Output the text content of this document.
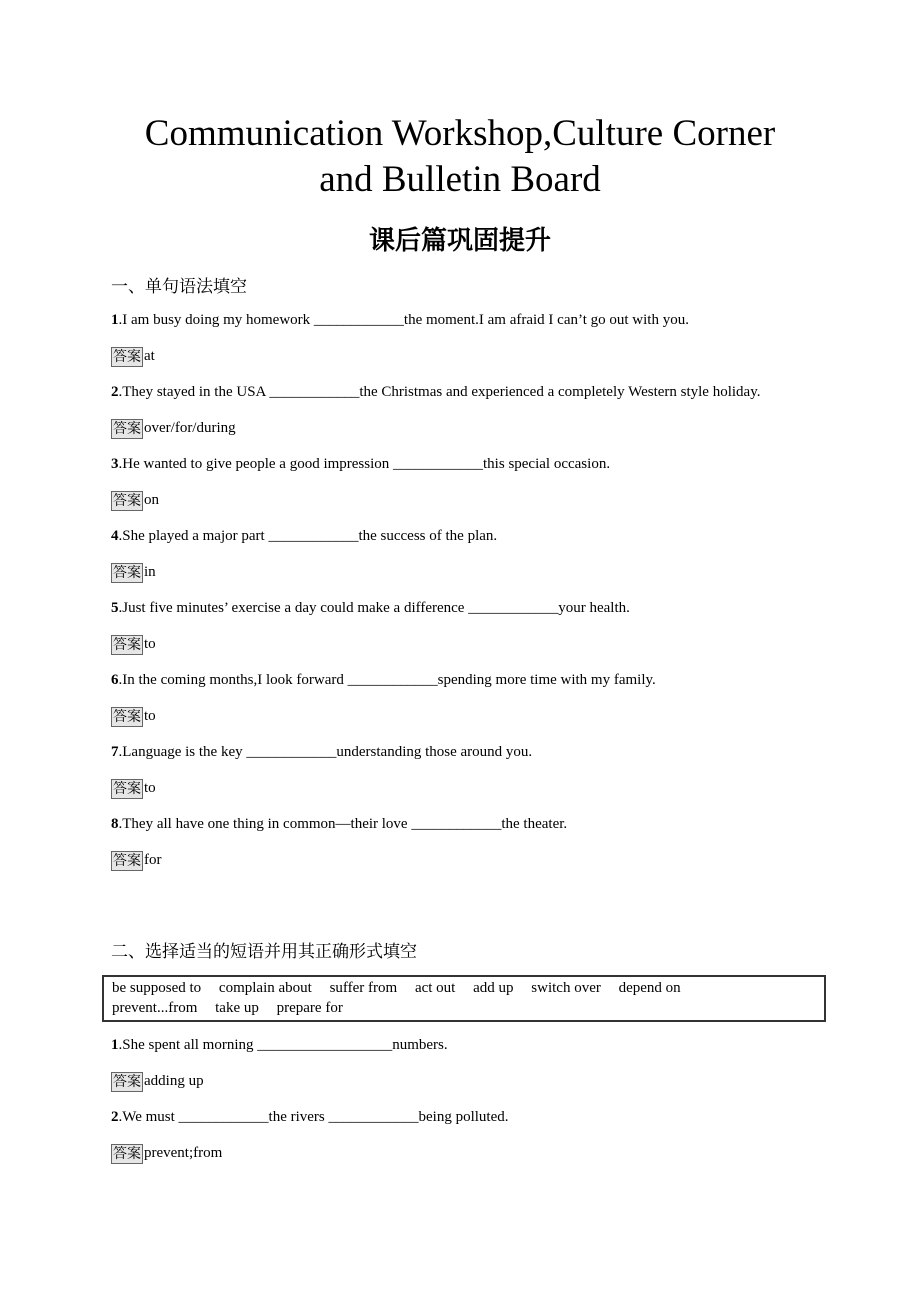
Communication Workshop,Culture Corner
and Bulletin Board
课后篇巩固提升
一、单句语法填空

1.I am busy doing my homework ____________the moment.I am afraid I can’t go out with you.

答案 at

2.They stayed in the USA ____________the Christmas and experienced a completely Western style holiday.

答案 over/for/during

3.He wanted to give people a good impression ____________this special occasion.

答案 on

4.She played a major part ____________the success of the plan.

答案 in

5.Just five minutes’ exercise a day could make a difference ____________your health.

答案 to

6.In the coming months,I look forward ____________spending more time with my family.

答案 to

7.Language is the key ____________understanding those around you.

答案 to

8.They all have one thing in common—their love ____________the theater.

答案 for

二、选择适当的短语并用其正确形式填空
be supposed to complain about suffer from act out add up switch over depend on
prevent...from take up prepare for

1.She spent all morning __________________numbers.

答案 adding up

2.We must ____________the rivers ____________being polluted.

答案 prevent;from
